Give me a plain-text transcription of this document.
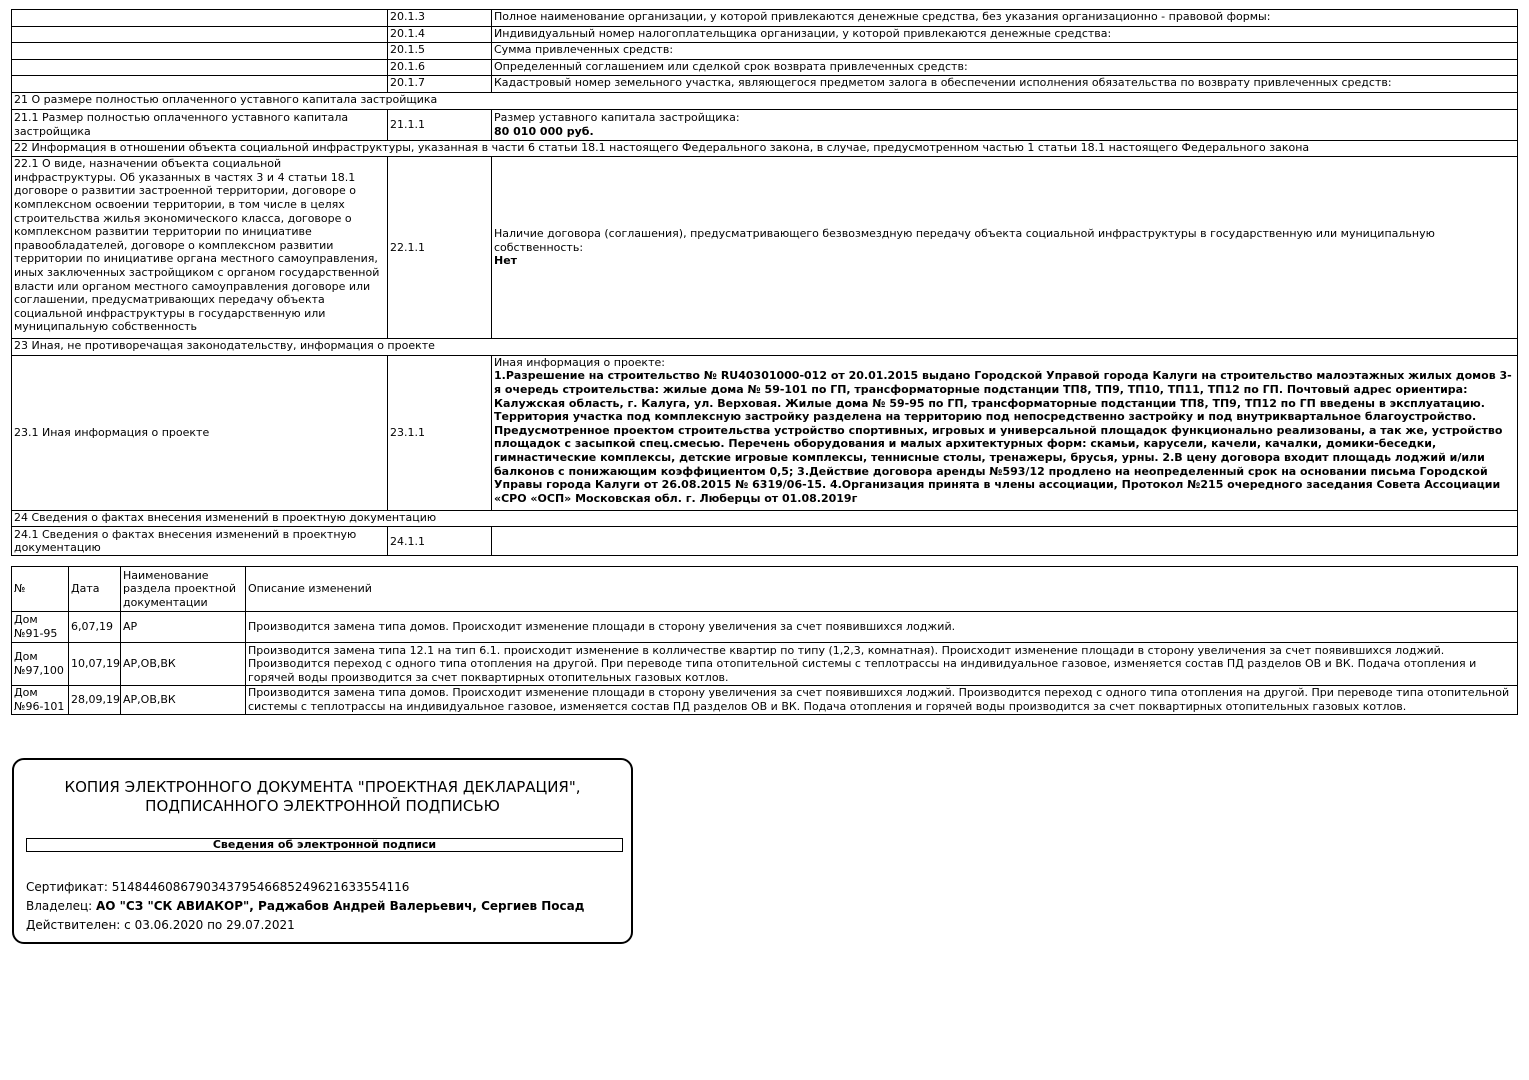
	20.1.3	Полное наименование организации, у которой привлекаются денежные средства, без указания организационно - правовой формы:
	20.1.4	Индивидуальный номер налогоплательщика организации, у которой привлекаются денежные средства:
	20.1.5	Сумма привлеченных средств:
	20.1.6	Определенный соглашением или сделкой срок возврата привлеченных средств:
	20.1.7	Кадастровый номер земельного участка, являющегося предметом залога в обеспечении исполнения обязательства по возврату привлеченных средств:
21 О размере полностью оплаченного уставного капитала застройщика		
21.1 Размер полностью оплаченного уставного капитала застройщика	21.1.1	Размер уставного капитала застройщика:
80 010 000 руб.

22 Информация в отношении объекта социальной инфраструктуры, указанная в части 6 статьи 18.1 настоящего Федерального закона, в случае, предусмотренном частью 1 статьи 18.1 настоящего Федерального закона		
22.1 О виде, назначении объекта социальной инфраструктуры. Об указанных в частях 3 и 4 статьи 18.1 договоре о развитии застроенной территории, договоре о комплексном освоении территории, в том числе в целях строительства жилья экономического класса, договоре о комплексном развитии территории по инициативе правообладателей, договоре о комплексном развитии территории по инициативе органа местного самоуправления, иных заключенных застройщиком с органом государственной власти или органом местного самоуправления договоре или соглашении, предусматривающих передачу объекта социальной инфраструктуры в государственную или муниципальную собственность	22.1.1	Наличие договора (соглашения), предусматривающего безвозмездную передачу объекта социальной инфраструктуры в государственную или муниципальную собственность:
Нет

23 Иная, не противоречащая законодательству, информация о проекте		
23.1 Иная информация о проекте	23.1.1	Иная информация о проекте:
1.Разрешение на строительство № RU40301000-012 от 20.01.2015 выдано Городской Управой города Калуги на строительство малоэтажных жилых домов 3-я очередь строительства: жилые дома № 59-101 по ГП, трансформаторные подстанции ТП8, ТП9, ТП10, ТП11, ТП12 по ГП. Почтовый адрес ориентира: Калужская область, г. Калуга, ул. Верховая. Жилые дома № 59-95 по ГП, трансформаторные подстанции ТП8, ТП9, ТП12 по ГП введены в эксплуатацию. Территория участка под комплексную застройку разделена на территорию под непосредственно застройку и под внутриквартальное благоустройство. Предусмотренное проектом строительства устройство спортивных, игровых и универсальной площадок функционально реализованы, а так же, устройство площадок с засыпкой спец.смесью. Перечень оборудования и малых архитектурных форм: скамьи, карусели, качели, качалки, домики-беседки, гимнастические комплексы, детские игровые комплексы, теннисные столы, тренажеры, брусья, урны. 2.В цену договора входит площадь лоджий и/или балконов с понижающим коэффициентом 0,5; 3.Действие договора аренды №593/12 продлено на неопределенный срок на основании письма Городской Управы города Калуги от 26.08.2015 № 6319/06-15. 4.Организация принята в члены ассоциации, Протокол №215 очередного заседания Совета Ассоциации «СРО «ОСП» Московская обл. г. Люберцы от 01.08.2019г

24 Сведения о фактах внесения изменений в проектную документацию		
24.1 Сведения о фактах внесения изменений в проектную документацию	24.1.1	
№	Дата	Наименование раздела проектной документации	Описание изменений
Дом №91-95	6,07,19	АР	Производится замена типа домов. Происходит изменение площади в сторону увеличения за счет появившихся лоджий.
Дом №97,100	10,07,19	АР,ОВ,ВК	Производится замена типа 12.1 на тип 6.1. происходит изменение в колличестве квартир по типу (1,2,3, комнатная). Происходит изменение площади в сторону увеличения за счет появившихся лоджий. Производится переход с одного типа отопления на другой. При переводе типа отопительной системы с теплотрассы на индивидуальное газовое, изменяется состав ПД разделов ОВ и ВК. Подача отопления и горячей воды производится за счет поквартирных отопительных газовых котлов.
Дом №96-101	28,09,19	АР,ОВ,ВК	Производится замена типа домов. Происходит изменение площади в сторону увеличения за счет появившихся лоджий. Производится переход с одного типа отопления на другой. При переводе типа отопительной системы с теплотрассы на индивидуальное газовое, изменяется состав ПД разделов ОВ и ВК. Подача отопления и горячей воды производится за счет поквартирных отопительных газовых котлов.
КОПИЯ ЭЛЕКТРОННОГО ДОКУМЕНТА "ПРОЕКТНАЯ ДЕКЛАРАЦИЯ",
ПОДПИСАННОГО ЭЛЕКТРОННОЙ ПОДПИСЬЮ
Сведения об электронной подписи
Сертификат: 514844608679034379546685249621633554116
Владелец: АО "СЗ "СК АВИАКОР", Раджабов Андрей Валерьевич, Сергиев Посад
Действителен: с 03.06.2020 по 29.07.2021
